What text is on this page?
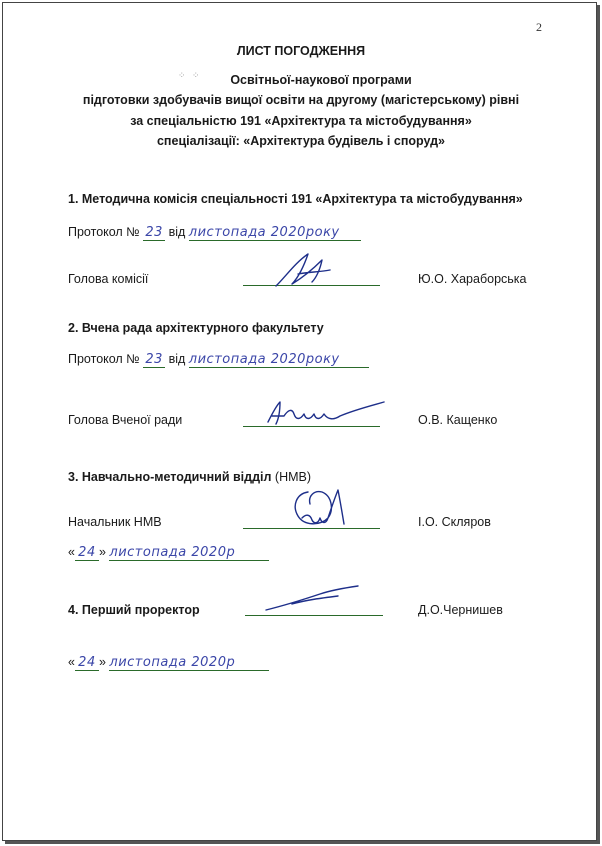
2
⁘ ⁘
ЛИСТ ПОГОДЖЕННЯ
Освітньої-наукової програми
підготовки здобувачів вищої освіти на другому (магістерському) рівні
за спеціальністю 191 «Архітектура та містобудування»
спеціалізації: «Архітектура будівель і споруд»
1. Методична комісія спеціальності 191 «Архітектура та містобудування»
Протокол № 23 від листопада 2020року
Голова комісії	Ю.О. Хараборська
2. Вчена рада архітектурного факультету
Протокол № 23 від листопада 2020року
Голова Вченої ради	О.В. Кащенко
3. Навчально-методичний відділ (НМВ)
Начальник НМВ	І.О. Скляров
« 24 » листопада 2020р
4. Перший проректор	Д.О.Чернишев
« 24 » листопада 2020р
